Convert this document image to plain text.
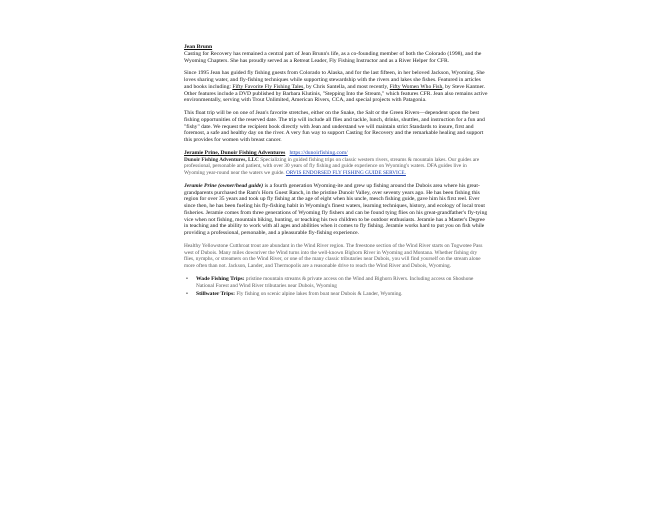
Jean Brunn

Casting for Recovery has remained a central part of Jean Brunn's life, as a co-founding member of both the Colorado (1998), and the Wyoming Chapters. She has proudly served as a Retreat Leader, Fly Fishing Instructor and as a River Helper for CFR.

Since 1995 Jean has guided fly fishing guests from Colorado to Alaska, and for the last fifteen, in her beloved Jackson, Wyoming. She loves sharing water, and fly-fishing techniques while supporting stewardship with the rivers and lakes she fishes. Featured in articles and books including: Fifty Favorite Fly Fishing Tales, by Chris Santella, and most recently, Fifty Women Who Fish, by Steve Kantner. Other features include a DVD published by Barbara Klutinis, "Stepping Into the Stream," which features CFR. Jean also remains active environmentally, serving with Trout Unlimited, American Rivers, CCA, and special projects with Patagonia.

This float trip will be on one of Jean's favorite stretches, either on the Snake, the Salt or the Green Rivers—dependent upon the best fishing opportunities of the reserved date. The trip will include all flies and tackle, lunch, drinks, shuttles, and instruction for a fun and "fishy" date. We request the recipient book directly with Jean and understand we will maintain strict Standards to insure, first and foremost, a safe and healthy day on the river. A very fun way to support Casting for Recovery and the remarkable healing and support this provides for women with breast cancer.

Jeramie Prine, Dunoir Fishing Adventures https://dunoirfishing.com/

Dunoir Fishing Adventures, LLC Specializing in guided fishing trips on classic western rivers, streams & mountain lakes. Our guides are professional, personable and patient, with over 30 years of fly fishing and guide experience on Wyoming's waters. DFA guides live in Wyoming year-round near the waters we guide. ORVIS ENDORSED FLY FISHING GUIDE SERVICE.

Jeramie Prine (owner/head guide) is a fourth generation Wyoming-ite and grew up fishing around the Dubois area where his great-grandparents purchased the Ram's Horn Guest Ranch, in the pristine Dunoir Valley, over seventy years ago. He has been fishing this region for over 35 years and took up fly fishing at the age of eight when his uncle, mesch fishing guide, gave him his first reel. Ever since then, he has been fueling his fly-fishing habit in Wyoming's finest waters, learning techniques, history, and ecology of local trout fisheries. Jeramie comes from three generations of Wyoming fly fishers and can be found tying flies on his great-grandfather's fly-tying vice when not fishing, mountain biking, hunting, or teaching his two children to be outdoor enthusiasts. Jeramie has a Master's Degree in teaching and the ability to work with all ages and abilities when it comes to fly fishing. Jeramie works hard to put you on fish while providing a professional, personable, and a pleasurable fly-fishing experience.

Healthy Yellowstone Cutthroat trout are abundant in the Wind River region. The freestone section of the Wind River starts on Togwotee Pass west of Dubois. Many miles downriver the Wind turns into the well-known Bighorn River in Wyoming and Montana. Whether fishing dry flies, nymphs, or streamers on the Wind River, or one of the many classic tributaries near Dubois, you will find yourself on the stream alone more often than not. Jackson, Lander, and Thermopolis are a reasonable drive to reach the Wind River and Dubois, Wyoming.

• Wade Fishing Trips: pristine mountain streams & private access on the Wind and Bighorn Rivers. Including access on Shoshone National Forest and Wind River tributaries near Dubois, Wyoming
• Stillwater Trips: Fly fishing on scenic alpine lakes from boat near Dubois & Lander, Wyoming.
